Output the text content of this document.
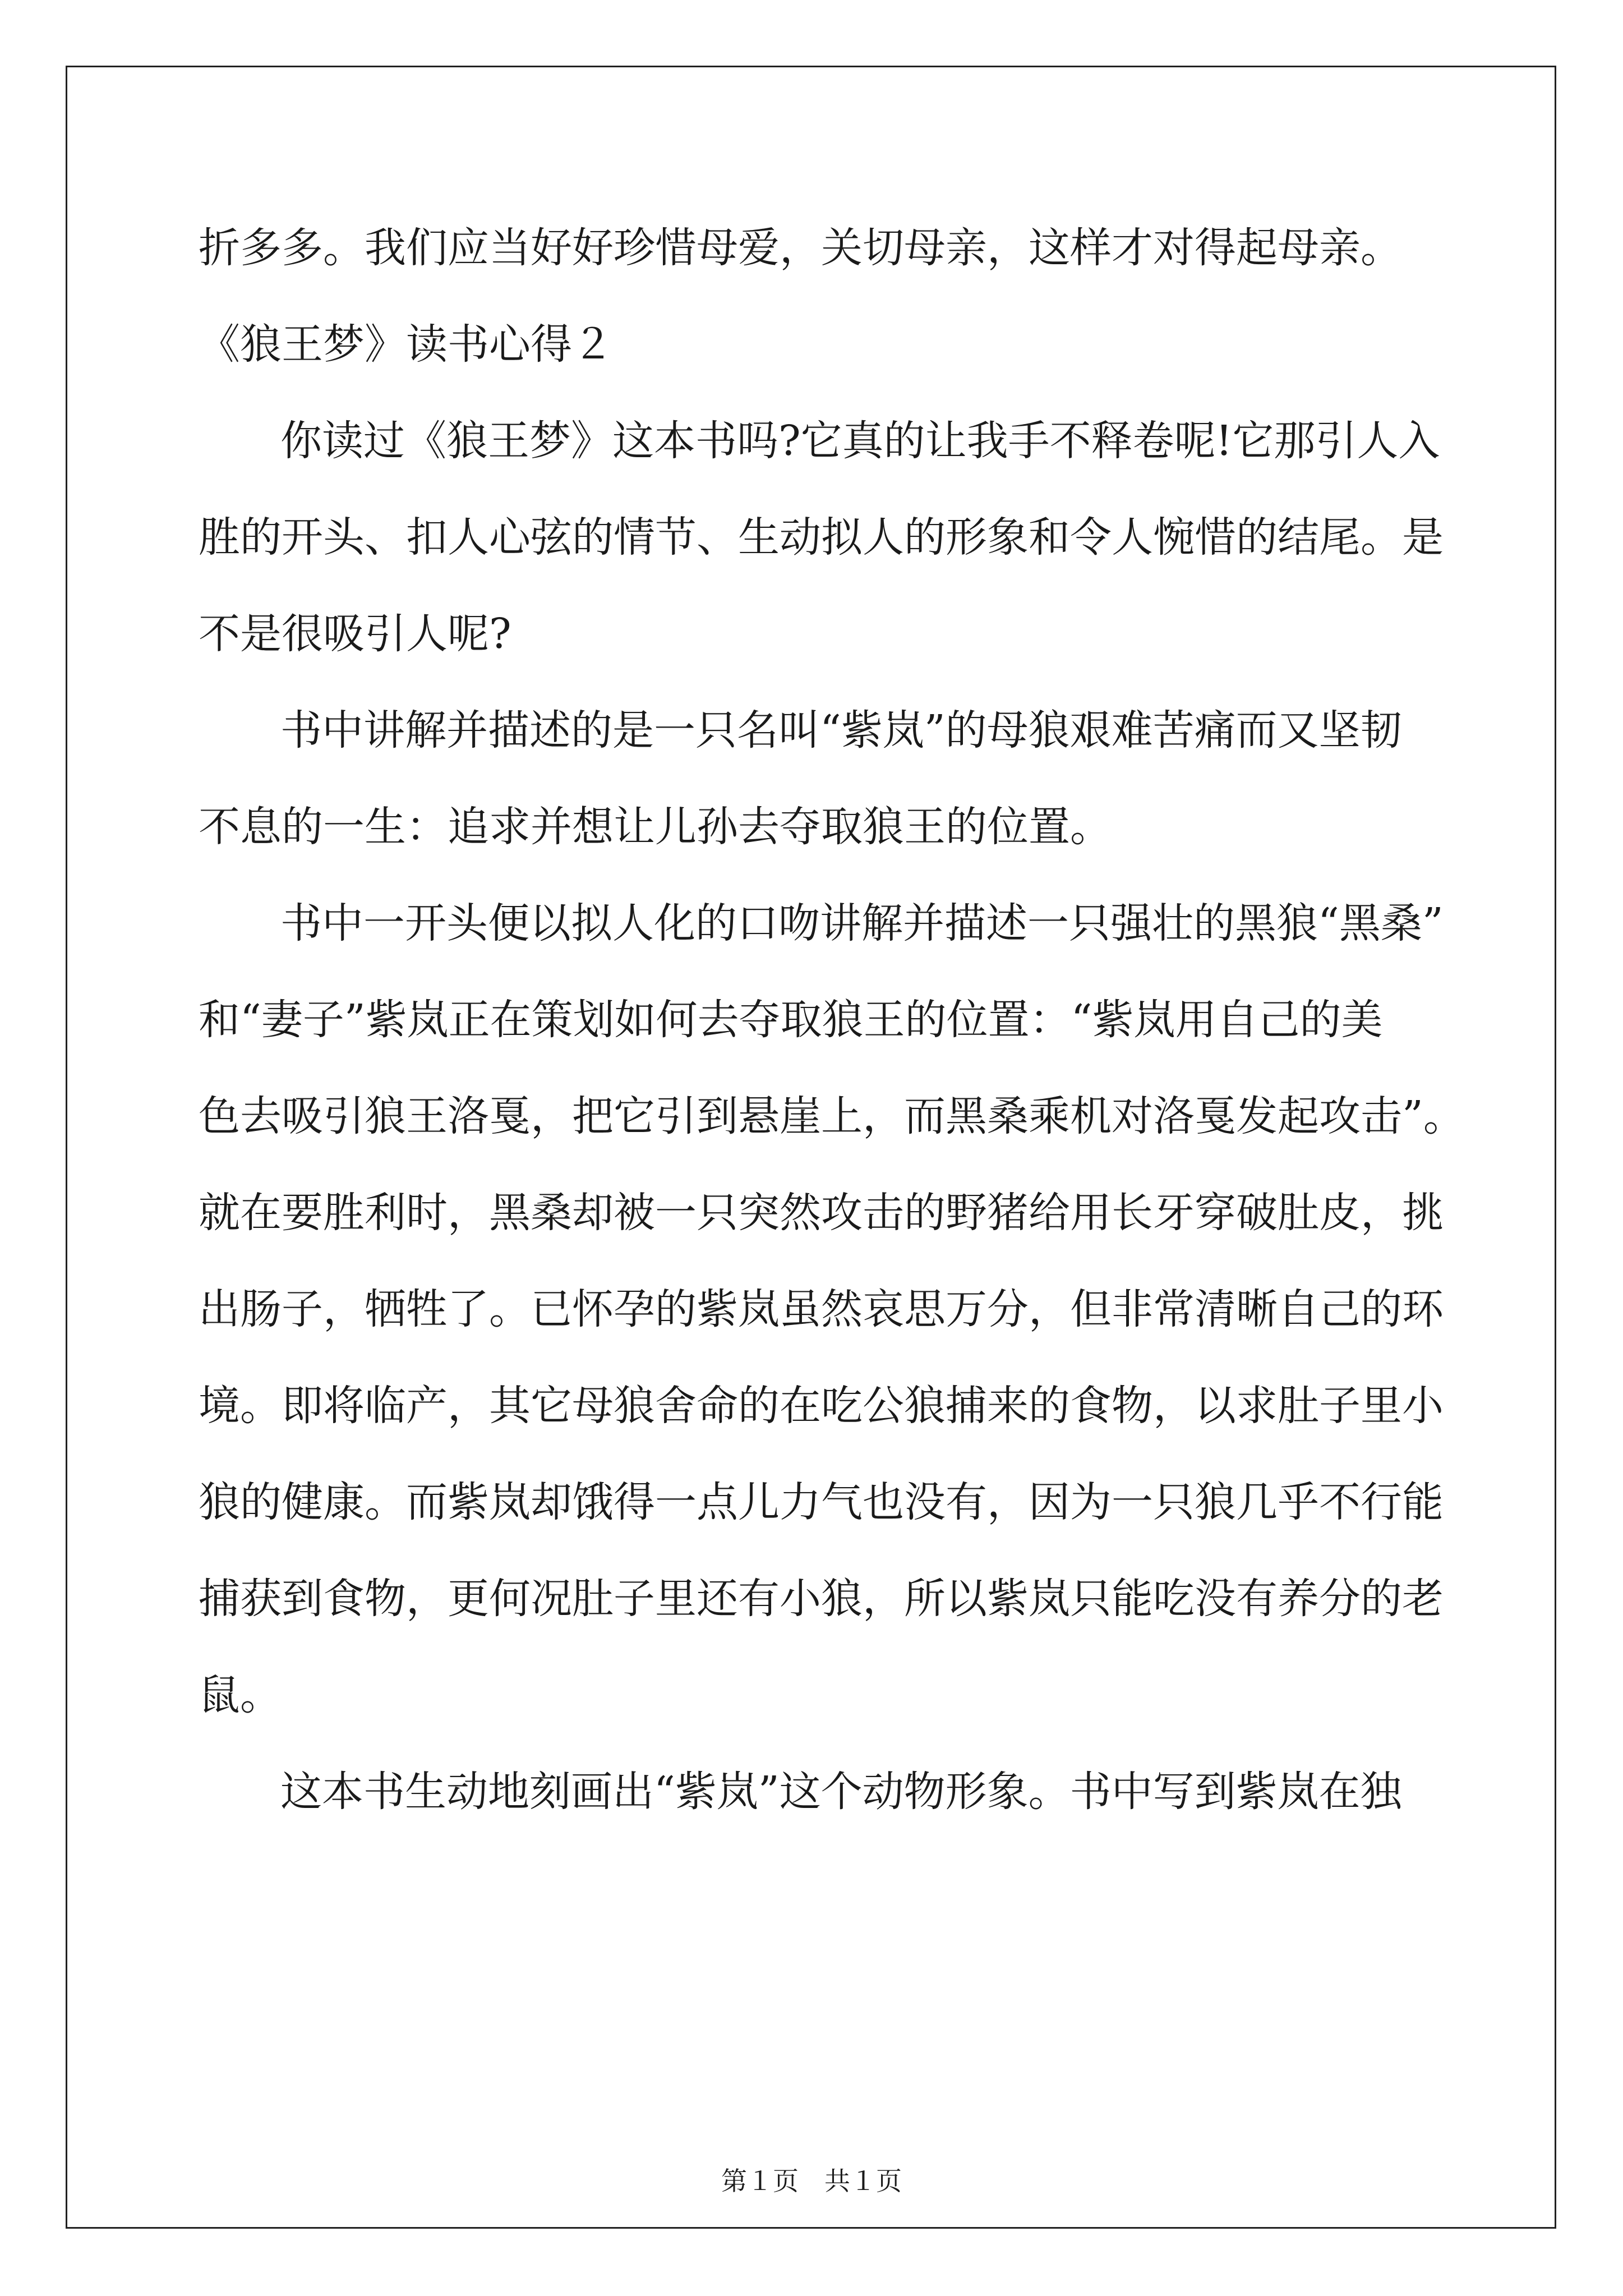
折多多。我们应当好好珍惜母爱，关切母亲，这样才对得起母亲。
《狼王梦》读书心得２
你读过《狼王梦》这本书吗?它真的让我手不释卷呢!它那引人入
胜的开头、扣人心弦的情节、生动拟人的形象和令人惋惜的结尾。是
不是很吸引人呢?
书中讲解并描述的是一只名叫“紫岚”的母狼艰难苦痛而又坚韧
不息的一生：追求并想让儿孙去夺取狼王的位置。
书中一开头便以拟人化的口吻讲解并描述一只强壮的黑狼“黑桑”
和“妻子”紫岚正在策划如何去夺取狼王的位置：“紫岚用自己的美
色去吸引狼王洛戛，把它引到悬崖上，而黑桑乘机对洛戛发起攻击”。
就在要胜利时，黑桑却被一只突然攻击的野猪给用长牙穿破肚皮，挑
出肠子，牺牲了。已怀孕的紫岚虽然哀思万分，但非常清晰自己的环
境。即将临产，其它母狼舍命的在吃公狼捕来的食物，以求肚子里小
狼的健康。而紫岚却饿得一点儿力气也没有，因为一只狼几乎不行能
捕获到食物，更何况肚子里还有小狼，所以紫岚只能吃没有养分的老
鼠。
这本书生动地刻画出“紫岚”这个动物形象。书中写到紫岚在独
第１页　共１页
